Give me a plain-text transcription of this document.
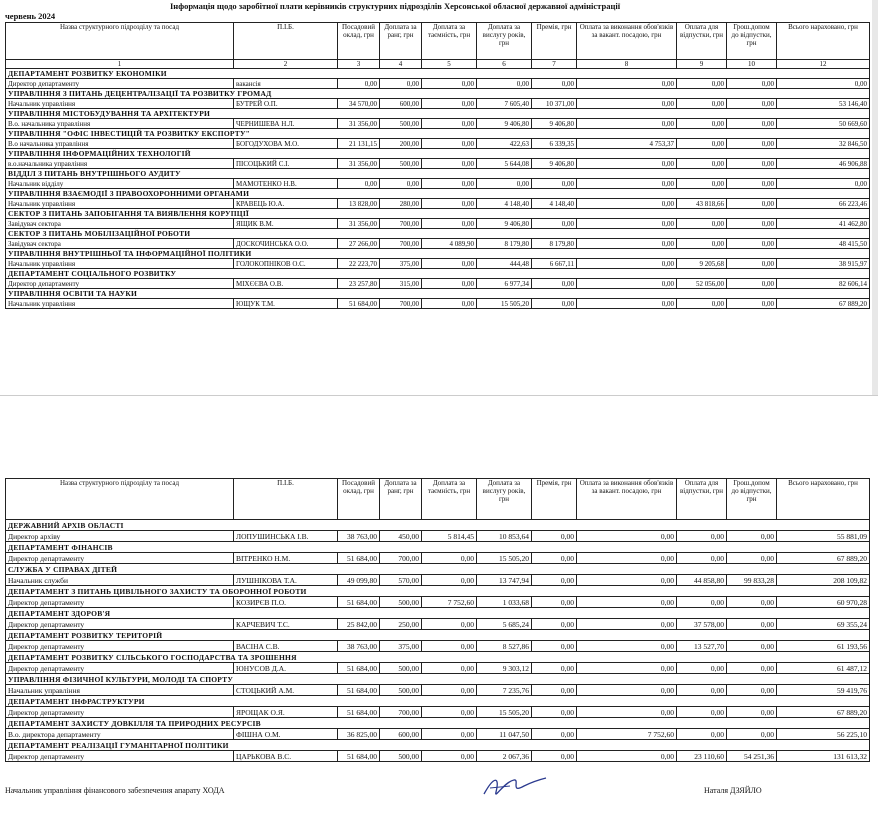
Інформація щодо заробітної плати керівників структурних підрозділів Херсонської обласної державної адміністрації
червень 2024
Назва структурного підрозділу та посад	П.І.Б.	Посадовий оклад, грн	Доплата за ранг, грн	Доплата за таємність, грн	Доплата за вислугу років, грн	Премія, грн	Оплата за виконання обов'язків за вакант. посадою, грн	Оплата для відпустки, грн	Грош.допом до відпустки, грн	Всього нараховано, грн
1	2	3	4	5	6	7	8	9	10	12
ДЕПАРТАМЕНТ РОЗВИТКУ ЕКОНОМІКИ										
Директор департаменту	вакансія	0,00	0,00	0,00	0,00	0,00	0,00	0,00	0,00	0,00
УПРАВЛІННЯ З ПИТАНЬ ДЕЦЕНТРАЛІЗАЦІЇ ТА РОЗВИТКУ ГРОМАД										
Начальник управління	БУТРЕЙ О.П.	34 570,00	600,00	0,00	7 605,40	10 371,00	0,00	0,00	0,00	53 146,40
УПРАВЛІННЯ МІСТОБУДУВАННЯ ТА АРХІТЕКТУРИ										
В.о. начальника управління	ЧЕРНИШЕВА Н.Л.	31 356,00	500,00	0,00	9 406,80	9 406,80	0,00	0,00	0,00	50 669,60
УПРАВЛІННЯ "ОФІС ІНВЕСТИЦІЙ ТА РОЗВИТКУ ЕКСПОРТУ"										
В.о начальника управління	БОГОДУХОВА М.О.	21 131,15	200,00	0,00	422,63	6 339,35	4 753,37	0,00	0,00	32 846,50
УПРАВЛІННЯ ІНФОРМАЦІЙНИХ ТЕХНОЛОГІЙ										
в.о.начальника управління	ПІСОЦЬКИЙ С.І.	31 356,00	500,00	0,00	5 644,08	9 406,80	0,00	0,00	0,00	46 906,88
ВІДДІЛ З ПИТАНЬ ВНУТРІШНЬОГО АУДИТУ										
Начальник відділу	МАМОТЕНКО Н.В.	0,00	0,00	0,00	0,00	0,00	0,00	0,00	0,00	0,00
УПРАВЛІННЯ ВЗАЄМОДІЇ З ПРАВООХОРОННИМИ ОРГАНАМИ										
Начальник управління	КРАВЕЦЬ Ю.А.	13 828,00	280,00	0,00	4 148,40	4 148,40	0,00	43 818,66	0,00	66 223,46
СЕКТОР З ПИТАНЬ ЗАПОБІГАННЯ ТА ВИЯВЛЕННЯ КОРУПЦІЇ										
Завідувач сектора	ЯЩИК В.М.	31 356,00	700,00	0,00	9 406,80	0,00	0,00	0,00	0,00	41 462,80
СЕКТОР З ПИТАНЬ МОБІЛІЗАЦІЙНОЇ РОБОТИ										
Завідувач сектора	ДОСКОЧИНСЬКА О.О.	27 266,00	700,00	4 089,90	8 179,80	8 179,80	0,00	0,00	0,00	48 415,50
УПРАВЛІННЯ ВНУТРІШНЬОЇ ТА ІНФОРМАЦІЙНОЇ ПОЛІТИКИ										
Начальник управління	ГОЛОКОПНІКОВ О.С.	22 223,70	375,00	0,00	444,48	6 667,11	0,00	9 205,68	0,00	38 915,97
ДЕПАРТАМЕНТ СОЦІАЛЬНОГО РОЗВИТКУ										
Директор департаменту	МІХЄЄВА О.В.	23 257,80	315,00	0,00	6 977,34	0,00	0,00	52 056,00	0,00	82 606,14
УПРАВЛІННЯ ОСВІТИ ТА НАУКИ										
Начальник управління	ЮЩУК Т.М.	51 684,00	700,00	0,00	15 505,20	0,00	0,00	0,00	0,00	67 889,20
Назва структурного підрозділу та посад	П.І.Б.	Посадовий оклад, грн	Доплата за ранг, грн	Доплата за таємність, грн	Доплата за вислугу років, грн	Премія, грн	Оплата за виконання обов'язків за вакант. посадою, грн	Оплата для відпустки, грн	Грош.допом до відпустки, грн	Всього нараховано, грн
ДЕРЖАВНИЙ АРХІВ ОБЛАСТІ										
Директор архіву	ЛОПУШИНСЬКА І.В.	38 763,00	450,00	5 814,45	10 853,64	0,00	0,00	0,00	0,00	55 881,09
ДЕПАРТАМЕНТ ФІНАНСІВ										
Директор департаменту	ВІТРЕНКО Н.М.	51 684,00	700,00	0,00	15 505,20	0,00	0,00	0,00	0,00	67 889,20
СЛУЖБА У СПРАВАХ ДІТЕЙ										
Начальник служби	ЛУШНІКОВА Т.А.	49 099,80	570,00	0,00	13 747,94	0,00	0,00	44 858,80	99 833,28	208 109,82
ДЕПАРТАМЕНТ З ПИТАНЬ ЦИВІЛЬНОГО ЗАХИСТУ ТА ОБОРОННОЇ РОБОТИ										
Директор департаменту	КОЗИРЄВ П.О.	51 684,00	500,00	7 752,60	1 033,68	0,00	0,00	0,00	0,00	60 970,28
ДЕПАРТАМЕНТ ЗДОРОВ'Я										
Директор департаменту	КАРЧЕВИЧ Т.С.	25 842,00	250,00	0,00	5 685,24	0,00	0,00	37 578,00	0,00	69 355,24
ДЕПАРТАМЕНТ РОЗВИТКУ ТЕРИТОРІЙ										
Директор департаменту	ВАСІНА С.В.	38 763,00	375,00	0,00	8 527,86	0,00	0,00	13 527,70	0,00	61 193,56
ДЕПАРТАМЕНТ РОЗВИТКУ СІЛЬСЬКОГО ГОСПОДАРСТВА ТА ЗРОШЕННЯ										
Директор департаменту	ЮНУСОВ Д.А.	51 684,00	500,00	0,00	9 303,12	0,00	0,00	0,00	0,00	61 487,12
УПРАВЛІННЯ ФІЗИЧНОЇ КУЛЬТУРИ, МОЛОДІ ТА СПОРТУ										
Начальник управління	СТОЦЬКИЙ А.М.	51 684,00	500,00	0,00	7 235,76	0,00	0,00	0,00	0,00	59 419,76
ДЕПАРТАМЕНТ ІНФРАСТРУКТУРИ										
Директор департаменту	ЯРОЩАК О.Я.	51 684,00	700,00	0,00	15 505,20	0,00	0,00	0,00	0,00	67 889,20
ДЕПАРТАМЕНТ ЗАХИСТУ ДОВКІЛЛЯ ТА ПРИРОДНИХ РЕСУРСІВ										
В.о. директора департаменту	ФІШНА О.М.	36 825,00	600,00	0,00	11 047,50	0,00	7 752,60	0,00	0,00	56 225,10
ДЕПАРТАМЕНТ РЕАЛІЗАЦІЇ ГУМАНІТАРНОЇ ПОЛІТИКИ										
Директор департаменту	ЦАРЬКОВА В.С.	51 684,00	500,00	0,00	2 067,36	0,00	0,00	23 110,60	54 251,36	131 613,32
Начальник управління фінансового забезпечення апарату ХОДА	Наталя ДЗЯЙЛО
